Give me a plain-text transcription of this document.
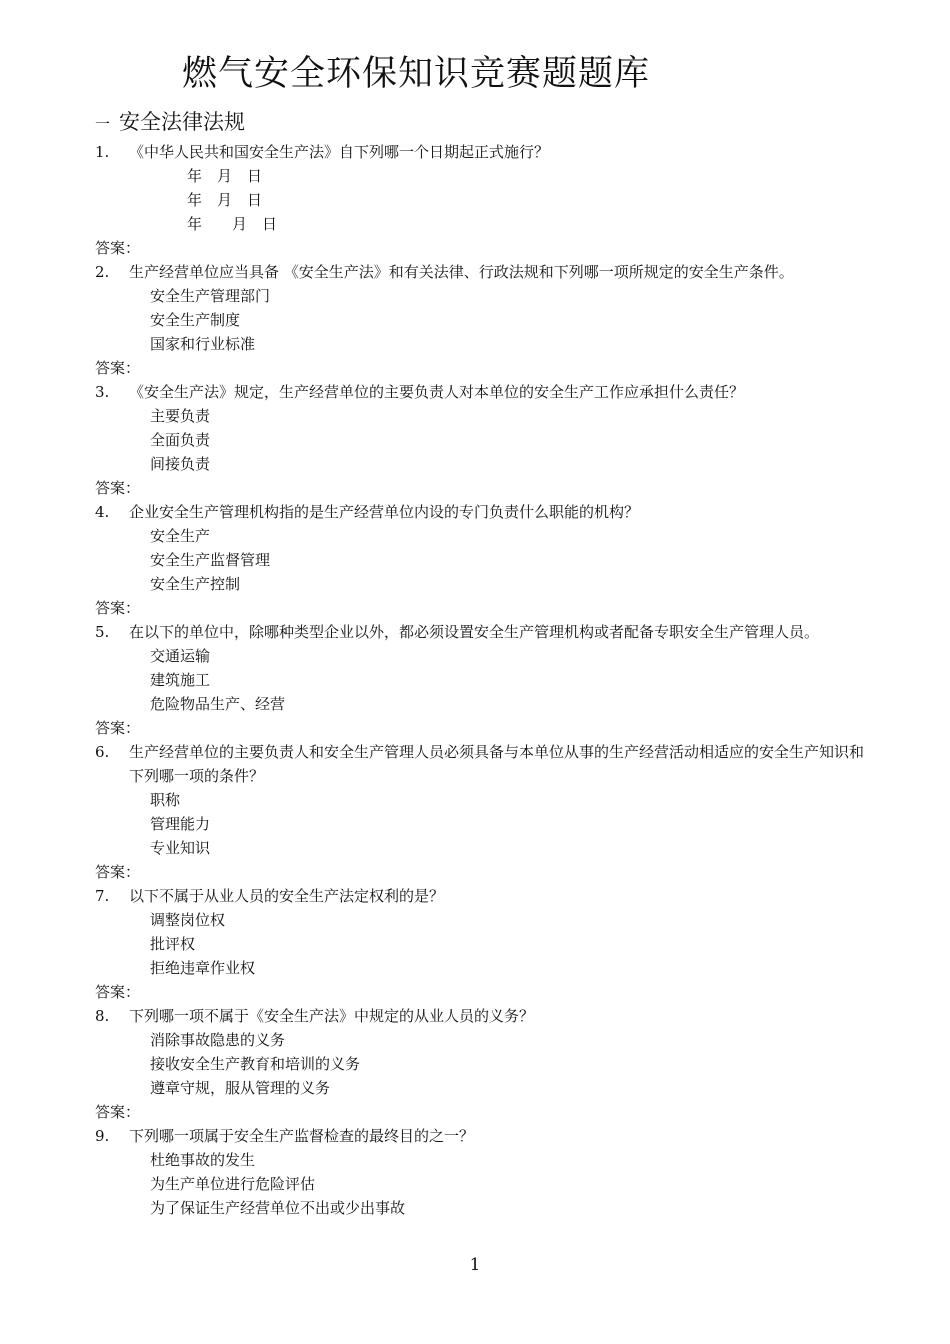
燃气安全环保知识竞赛题题库
一 安全法律法规
1. 《中华人民共和国安全生产法》自下列哪一个日期起正式施行？
年　月　日
年　月　日
年　　月　日
答案：
2. 生产经营单位应当具备 《安全生产法》和有关法律、行政法规和下列哪一项所规定的安全生产条件。
安全生产管理部门
安全生产制度
国家和行业标准
答案：
3. 《安全生产法》规定，生产经营单位的主要负责人对本单位的安全生产工作应承担什么责任？
主要负责
全面负责
间接负责
答案：
4. 企业安全生产管理机构指的是生产经营单位内设的专门负责什么职能的机构？
安全生产
安全生产监督管理
安全生产控制
答案：
5. 在以下的单位中，除哪种类型企业以外，都必须设置安全生产管理机构或者配备专职安全生产管理人员。
交通运输
建筑施工
危险物品生产、经营
答案：
6. 生产经营单位的主要负责人和安全生产管理人员必须具备与本单位从事的生产经营活动相适应的安全生产知识和下列哪一项的条件？
职称
管理能力
专业知识
答案：
7. 以下不属于从业人员的安全生产法定权利的是？
调整岗位权
批评权
拒绝违章作业权
答案：
8. 下列哪一项不属于《安全生产法》中规定的从业人员的义务？
消除事故隐患的义务
接收安全生产教育和培训的义务
遵章守规，服从管理的义务
答案：
9. 下列哪一项属于安全生产监督检查的最终目的之一？
杜绝事故的发生
为生产单位进行危险评估
为了保证生产经营单位不出或少出事故
1
